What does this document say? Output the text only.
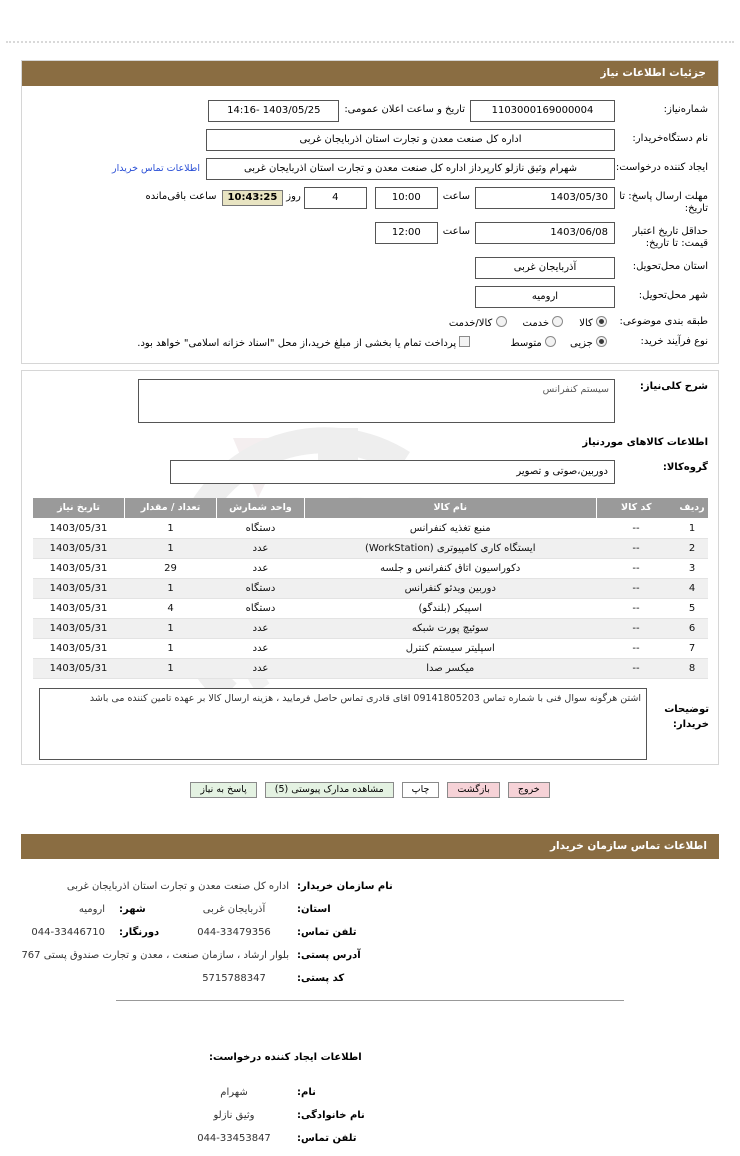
جزئیات اطلاعات نیاز
شماره‌نیاز:
1103000169000004
تاریخ و ساعت اعلان عمومی:
1403/05/25 -14:16
نام دستگاه‌خریدار:
اداره کل صنعت معدن و تجارت استان اذربایجان غربی
ایجاد کننده درخواست:
شهرام وثیق نازلو کارپرداز اداره کل صنعت معدن و تجارت استان اذربایجان غربی
اطلاعات تماس خریدار
مهلت ارسال پاسخ: تا تاریخ:
1403/05/30
ساعت
10:00
4
روز
10:43:25
ساعت باقی‌مانده
حداقل تاریخ اعتبار قیمت: تا تاریخ:
1403/06/08
ساعت
12:00
استان محل‌تحویل:
آذربایجان غربی
شهر محل‌تحویل:
ارومیه
طبقه بندی موضوعی:
کالا
خدمت
کالا/خدمت
نوع فرآیند خرید:
جزیی
متوسط
پرداخت تمام یا بخشی از مبلغ خرید،از محل "اسناد خزانه اسلامی" خواهد بود.
شرح کلی‌نیاز:
سیستم کنفرانس
اطلاعات کالاهای موردنیاز
گروه‌کالا:
دوربین،صوتی و تصویر
ردیف	کد کالا	نام کالا	واحد شمارش	تعداد / مقدار	تاریخ نیاز
1	--	منبع تغذیه کنفرانس	دستگاه	1	1403/05/31
2	--	ایستگاه کاری کامپیوتری (WorkStation)	عدد	1	1403/05/31
3	--	دکوراسیون اتاق کنفرانس و جلسه	عدد	29	1403/05/31
4	--	دوربین ویدئو کنفرانس	دستگاه	1	1403/05/31
5	--	اسپیکر (بلندگو)	دستگاه	4	1403/05/31
6	--	سوئیچ پورت شبکه	عدد	1	1403/05/31
7	--	اسپلیتر سیستم کنترل	عدد	1	1403/05/31
8	--	میکسر صدا	عدد	1	1403/05/31
توضیحات خریدار:
اشتن هرگونه سوال فنی با شماره تماس 09141805203 اقای قادری تماس حاصل فرمایید ، هزینه ارسال کالا بر عهده تامین کننده می باشد
خروج
بازگشت
چاپ
مشاهده مدارک پیوستی (5)
پاسخ به نیاز
اطلاعات تماس سازمان خریدار
نام سازمان خریدار:
اداره کل صنعت معدن و تجارت استان اذربایجان غربی
استان:
آذربایجان غربی
شهر:
ارومیه
تلفن تماس:
044-33479356
دورنگار:
044-33446710
آدرس پستی:
بلوار ارشاد ، سازمان صنعت ، معدن و تجارت صندوق پستی 767
کد پستی:
5715788347
اطلاعات ایجاد کننده درخواست:
نام:
شهرام
نام خانوادگی:
وثیق نازلو
تلفن تماس:
044-33453847
